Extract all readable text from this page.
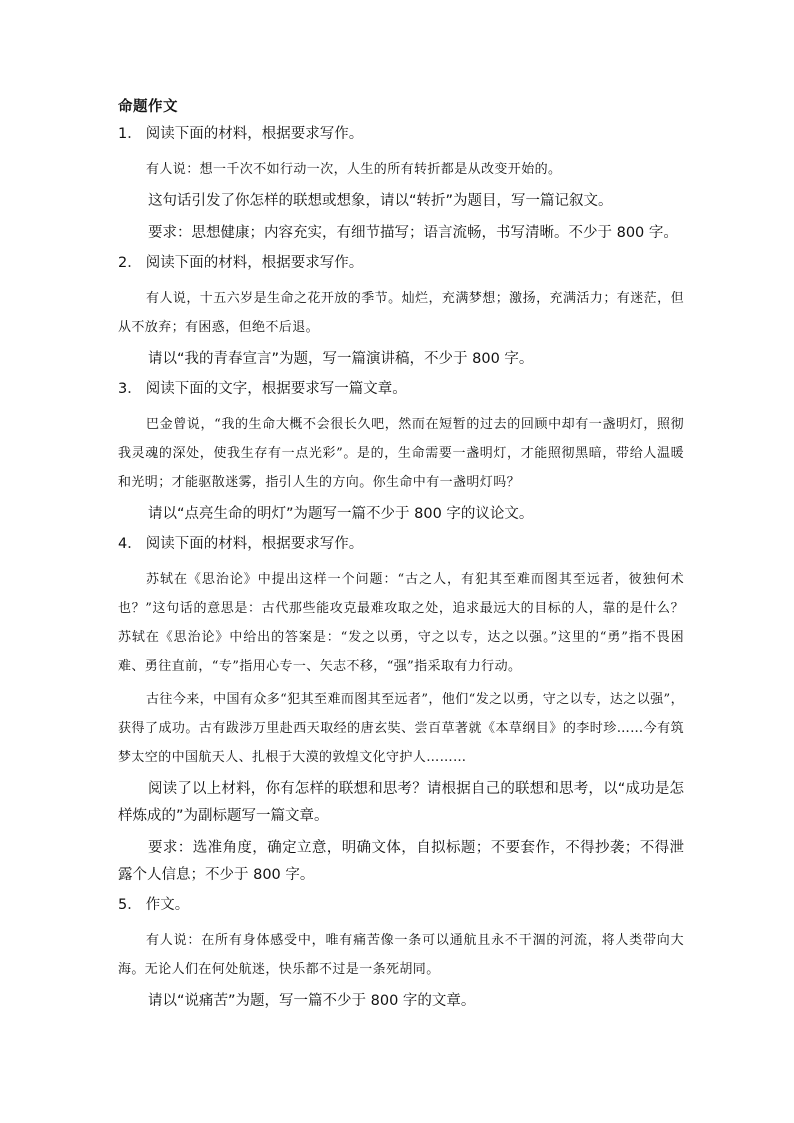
命题作文
1． 阅读下面的材料，根据要求写作。

有人说：想一千次不如行动一次，人生的所有转折都是从改变开始的。

这句话引发了你怎样的联想或想象，请以“转折”为题目，写一篇记叙文。

要求：思想健康；内容充实，有细节描写；语言流畅，书写清晰。不少于 800 字。

2． 阅读下面的材料，根据要求写作。

有人说，十五六岁是生命之花开放的季节。灿烂，充满梦想；激扬，充满活力；有迷茫，但从不放弃；有困惑，但绝不后退。

请以“我的青春宣言”为题，写一篇演讲稿，不少于 800 字。

3． 阅读下面的文字，根据要求写一篇文章。

巴金曾说，“我的生命大概不会很长久吧，然而在短暂的过去的回顾中却有一盏明灯，照彻我灵魂的深处，使我生存有一点光彩”。是的，生命需要一盏明灯，才能照彻黑暗，带给人温暖和光明；才能驱散迷雾，指引人生的方向。你生命中有一盏明灯吗？

请以“点亮生命的明灯”为题写一篇不少于 800 字的议论文。

4． 阅读下面的材料，根据要求写作。

苏轼在《思治论》中提出这样一个问题：“古之人，有犯其至难而图其至远者，彼独何术也？”这句话的意思是：古代那些能攻克最难攻取之处，追求最远大的目标的人，靠的是什么？苏轼在《思治论》中给出的答案是：“发之以勇，守之以专，达之以强。”这里的“勇”指不畏困难、勇往直前，“专”指用心专一、矢志不移，“强”指采取有力行动。

古往今来，中国有众多“犯其至难而图其至远者”，他们“发之以勇，守之以专，达之以强”，获得了成功。古有跋涉万里赴西天取经的唐玄奘、尝百草著就《本草纲目》的李时珍……今有筑梦太空的中国航天人、扎根于大漠的敦煌文化守护人………

阅读了以上材料，你有怎样的联想和思考？请根据自己的联想和思考，以“成功是怎样炼成的”为副标题写一篇文章。

要求：选准角度，确定立意，明确文体，自拟标题；不要套作，不得抄袭；不得泄露个人信息；不少于 800 字。

5． 作文。

有人说：在所有身体感受中，唯有痛苦像一条可以通航且永不干涸的河流，将人类带向大海。无论人们在何处航迷，快乐都不过是一条死胡同。

请以“说痛苦”为题，写一篇不少于 800 字的文章。
